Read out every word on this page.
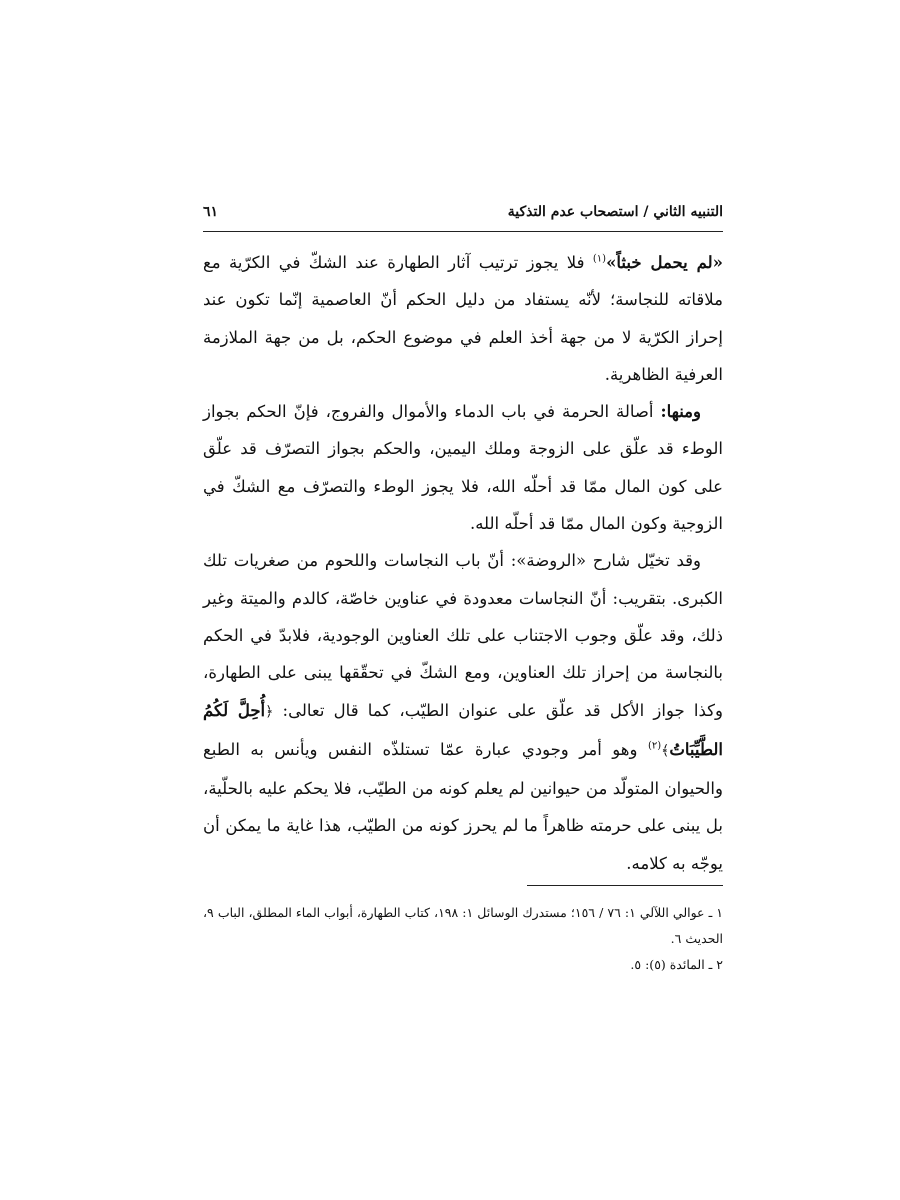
التنبيه الثاني / استصحاب عدم التذكية
٦١

«لم يحمل خبثاً»$^{(١)}$ فلا يجوز ترتيب آثار الطهارة عند الشكّ في الكرّية مع ملاقاته للنجاسة؛ لأنّه يستفاد من دليل الحكم أنّ العاصمية إنّما تكون عند إحراز الكرّية لا من جهة أخذ العلم في موضوع الحكم، بل من جهة الملازمة العرفية الظاهرية.

ومنها: أصالة الحرمة في باب الدماء والأموال والفروج، فإنّ الحكم بجواز الوطء قد علّق على الزوجة وملك اليمين، والحكم بجواز التصرّف قد علّق على كون المال ممّا قد أحلّه الله، فلا يجوز الوطء والتصرّف مع الشكّ في الزوجية وكون المال ممّا قد أحلّه الله.

وقد تخيّل شارح «الروضة»: أنّ باب النجاسات واللحوم من صغريات تلك الكبرى. بتقريب: أنّ النجاسات معدودة في عناوين خاصّة، كالدم والميتة وغير ذلك، وقد علّق وجوب الاجتناب على تلك العناوين الوجودية، فلابدّ في الحكم بالنجاسة من إحراز تلك العناوين، ومع الشكّ في تحقّقها يبنى على الطهارة، وكذا جواز الأكل قد علّق على عنوان الطيّب، كما قال تعالى: ﴿أُحِلَّ لَكُمُ الطَّيِّبَاتُ﴾$^{(٢)}$ وهو أمر وجودي عبارة عمّا تستلذّه النفس ويأنس به الطبع والحيوان المتولّد من حيوانين لم يعلم كونه من الطيّب، فلا يحكم عليه بالحلّية، بل يبنى على حرمته ظاهراً ما لم يحرز كونه من الطيّب، هذا غاية ما يمكن أن يوجّه به كلامه.

١ ـ عوالي اللآلي ١: ٧٦ / ١٥٦؛ مستدرك الوسائل ١: ١٩٨، كتاب الطهارة، أبواب الماء المطلق، الباب ٩، الحديث ٦.

٢ ـ المائدة (٥): ٥.
